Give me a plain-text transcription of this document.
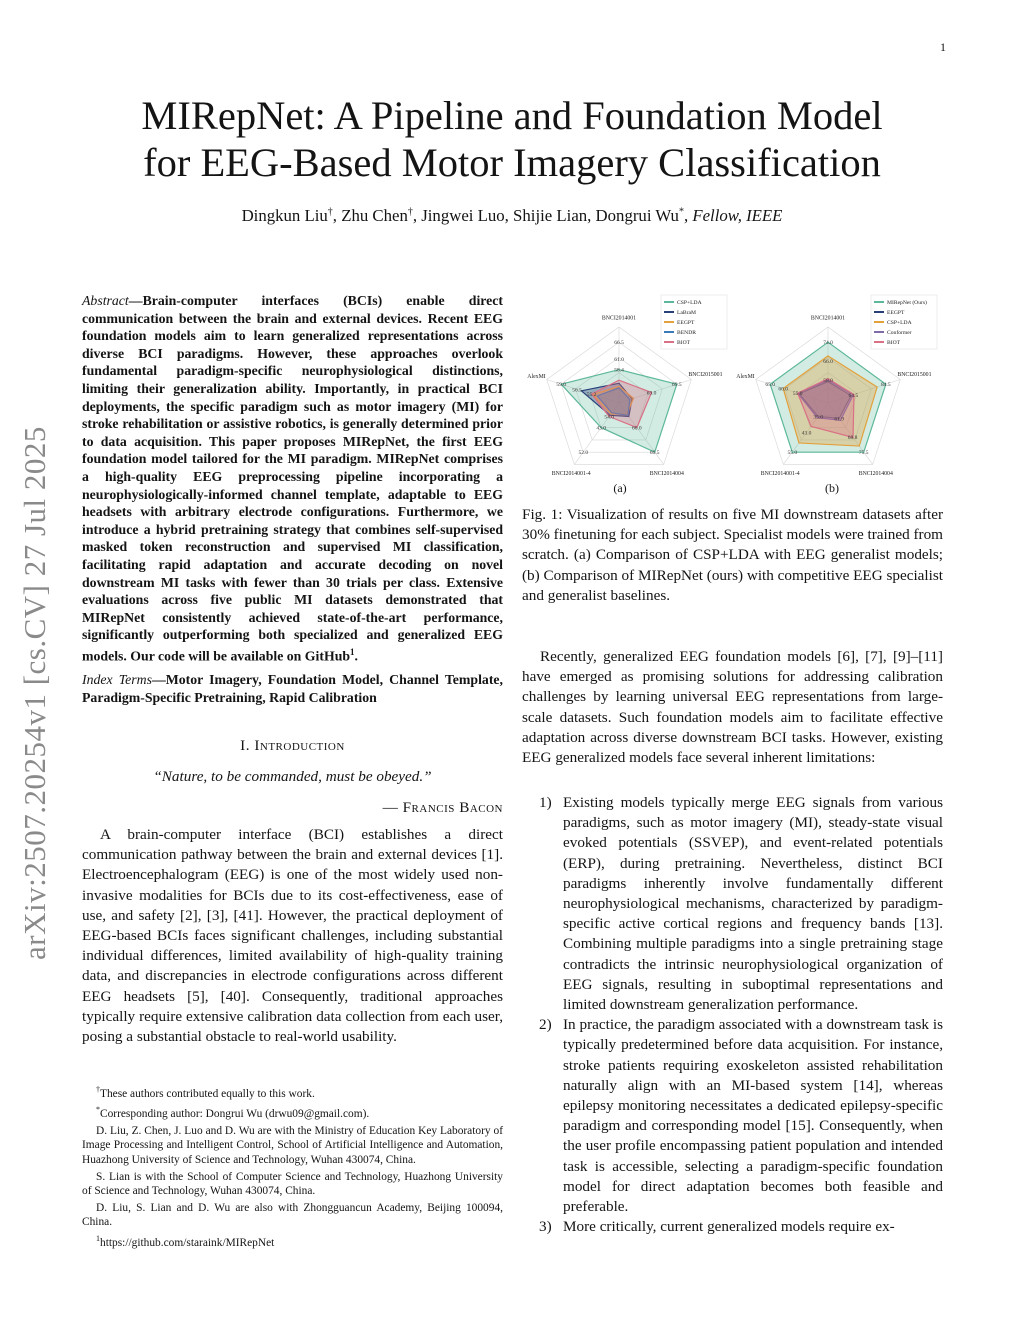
1
arXiv:2507.20254v1 [cs.CV] 27 Jul 2025
MIRepNet: A Pipeline and Foundation Model
for EEG-Based Motor Imagery Classification
Dingkun Liu†, Zhu Chen†, Jingwei Luo, Shijie Lian, Dongrui Wu*, Fellow, IEEE
Abstract—Brain-computer interfaces (BCIs) enable direct communication between the brain and external devices. Recent EEG foundation models aim to learn generalized representations across diverse BCI paradigms. However, these approaches overlook fundamental paradigm-specific neurophysiological distinctions, limiting their generalization ability. Importantly, in practical BCI deployments, the specific paradigm such as motor imagery (MI) for stroke rehabilitation or assistive robotics, is generally determined prior to data acquisition. This paper proposes MIRepNet, the first EEG foundation model tailored for the MI paradigm. MIRepNet comprises a high-quality EEG preprocessing pipeline incorporating a neurophysiologically-informed channel template, adaptable to EEG headsets with arbitrary electrode configurations. Furthermore, we introduce a hybrid pretraining strategy that combines self-supervised masked token reconstruction and supervised MI classification, facilitating rapid adaptation and accurate decoding on novel downstream MI tasks with fewer than 30 trials per class. Extensive evaluations across five public MI datasets demonstrated that MIRepNet consistently achieved state-of-the-art performance, significantly outperforming both specialized and generalized EEG models. Our code will be available on GitHub$^1$.
Index Terms—Motor Imagery, Foundation Model, Channel Template, Paradigm-Specific Pretraining, Rapid Calibration
I. Introduction
“Nature, to be commanded, must be obeyed.”
— Francis Bacon
A brain-computer interface (BCI) establishes a direct communication pathway between the brain and external devices [1]. Electroencephalogram (EEG) is one of the most widely used non-invasive modalities for BCIs due to its cost-effectiveness, ease of use, and safety [2], [3], [41]. However, the practical deployment of EEG-based BCIs faces significant challenges, including substantial individual differences, limited availability of high-quality training data, and discrepancies in electrode configurations across different EEG headsets [5], [40]. Consequently, traditional approaches typically require extensive calibration data collection from each user, posing a substantial obstacle to real-world usability.

†These authors contributed equally to this work.

*Corresponding author: Dongrui Wu (drwu09@gmail.com).

D. Liu, Z. Chen, J. Luo and D. Wu are with the Ministry of Education Key Laboratory of Image Processing and Intelligent Control, School of Artificial Intelligence and Automation, Huazhong University of Science and Technology, Wuhan 430074, China.

S. Lian is with the School of Computer Science and Technology, Huazhong University of Science and Technology, Wuhan 430074, China.

D. Liu, S. Lian and D. Wu are also with Zhongguancun Academy, Beijing 100094, China.

$^1$https://github.com/staraink/MIRepNet

66.5
61.0
58.4
69.5
63.0
69.5
60.0
52.0
43.0
54.0
59.0
56.5
55.2
BNCI2014001
BNCI2015001
BNCI2014004
BNCI2014001-4
AlexMI
CSP+LDA
LaBraM
EEGPT
BENDR
BIOT
(a)
74.0
66.0
58.0
84.5
64.5
75.5
68.8
61.9
55.0
43.0
35.0
65.0
60.0
55.0
BNCI2014001
BNCI2015001
BNCI2014004
BNCI2014001-4
AlexMI
MIRepNet (Ours)
EEGPT
CSP+LDA
Conformer
BIOT
(b)
Fig. 1: Visualization of results on five MI downstream datasets after 30% finetuning for each subject. Specialist models were trained from scratch. (a) Comparison of CSP+LDA with EEG generalist models; (b) Comparison of MIRepNet (ours) with competitive EEG specialist and generalist baselines.
Recently, generalized EEG foundation models [6], [7], [9]–[11] have emerged as promising solutions for addressing calibration challenges by learning universal EEG representations from large-scale datasets. Such foundation models aim to facilitate effective adaptation across diverse downstream BCI tasks. However, existing EEG generalized models face several inherent limitations:
1) Existing models typically merge EEG signals from various paradigms, such as motor imagery (MI), steady-state visual evoked potentials (SSVEP), and event-related potentials (ERP), during pretraining. Nevertheless, distinct BCI paradigms inherently involve fundamentally different neurophysiological mechanisms, characterized by paradigm-specific active cortical regions and frequency bands [13]. Combining multiple paradigms into a single pretraining stage contradicts the intrinsic neurophysiological organization of EEG signals, resulting in suboptimal representations and limited downstream generalization performance.
2) In practice, the paradigm associated with a downstream task is typically predetermined before data acquisition. For instance, stroke patients requiring exoskeleton assisted rehabilitation naturally align with an MI-based system [14], whereas epilepsy monitoring necessitates a dedicated epilepsy-specific paradigm and corresponding model [15]. Consequently, when the user profile encompassing patient population and intended task is accessible, selecting a paradigm-specific foundation model for direct adaptation becomes both feasible and preferable.
3) More critically, current generalized models require ex-
